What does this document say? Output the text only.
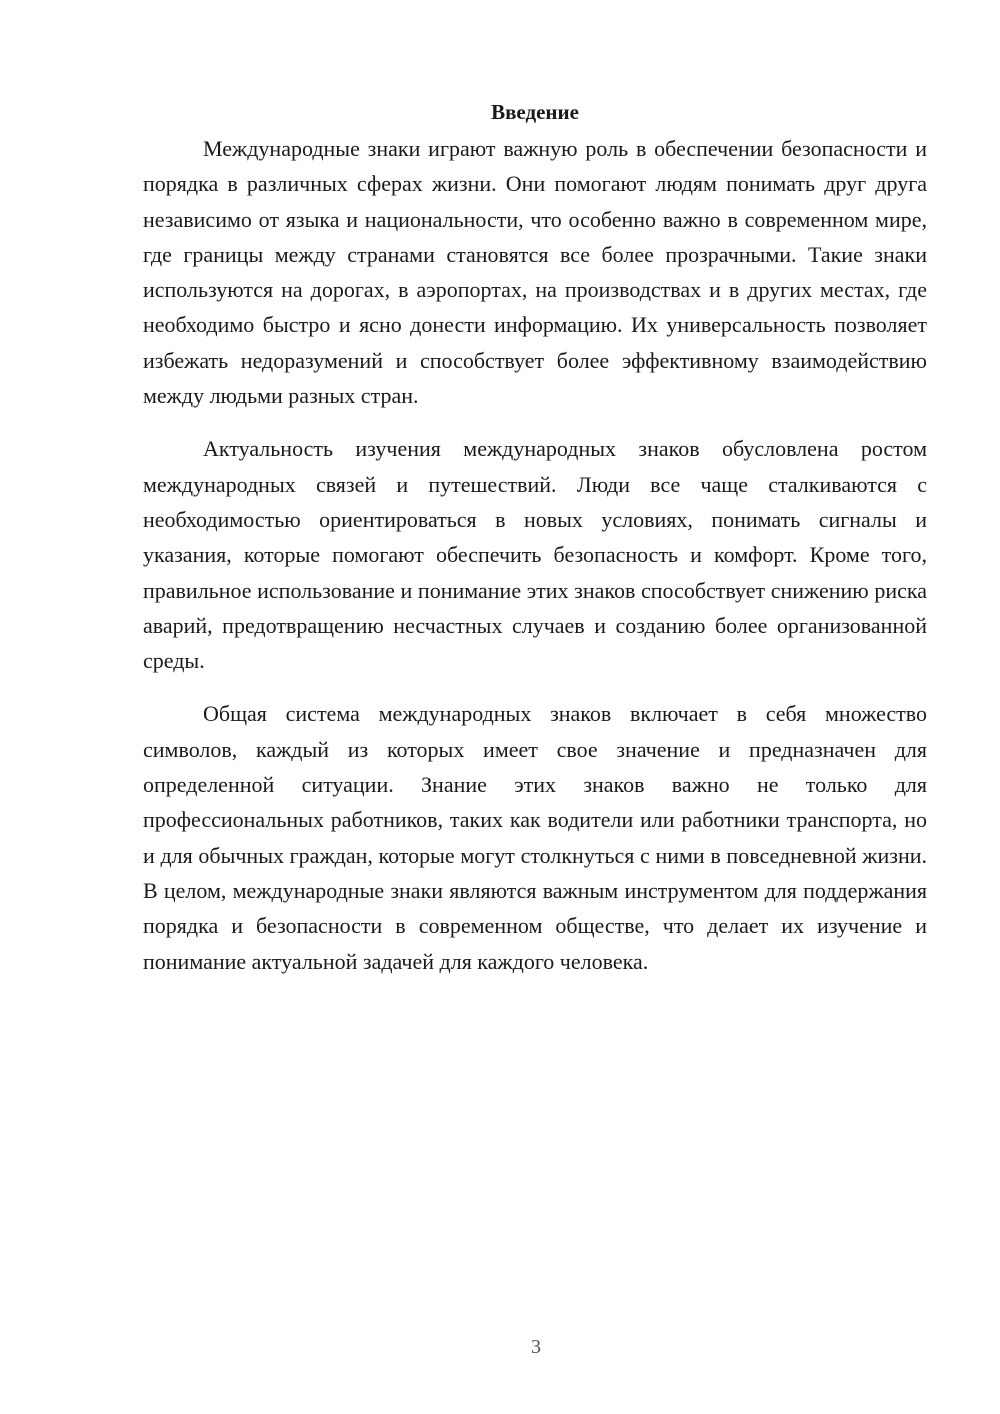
Введение

Международные знаки играют важную роль в обеспечении безопасности и порядка в различных сферах жизни. Они помогают людям понимать друг друга независимо от языка и национальности, что особенно важно в современном мире, где границы между странами становятся все более прозрачными. Такие знаки используются на дорогах, в аэропортах, на производствах и в других местах, где необходимо быстро и ясно донести информацию. Их универсальность позволяет избежать недоразумений и способствует более эффективному взаимодействию между людьми разных стран.

Актуальность изучения международных знаков обусловлена ростом международных связей и путешествий. Люди все чаще сталкиваются с необходимостью ориентироваться в новых условиях, понимать сигналы и указания, которые помогают обеспечить безопасность и комфорт. Кроме того, правильное использование и понимание этих знаков способствует снижению риска аварий, предотвращению несчастных случаев и созданию более организованной среды.

Общая система международных знаков включает в себя множество символов, каждый из которых имеет свое значение и предназначен для определенной ситуации. Знание этих знаков важно не только для профессиональных работников, таких как водители или работники транспорта, но и для обычных граждан, которые могут столкнуться с ними в повседневной жизни. В целом, международные знаки являются важным инструментом для поддержания порядка и безопасности в современном обществе, что делает их изучение и понимание актуальной задачей для каждого человека.

3
